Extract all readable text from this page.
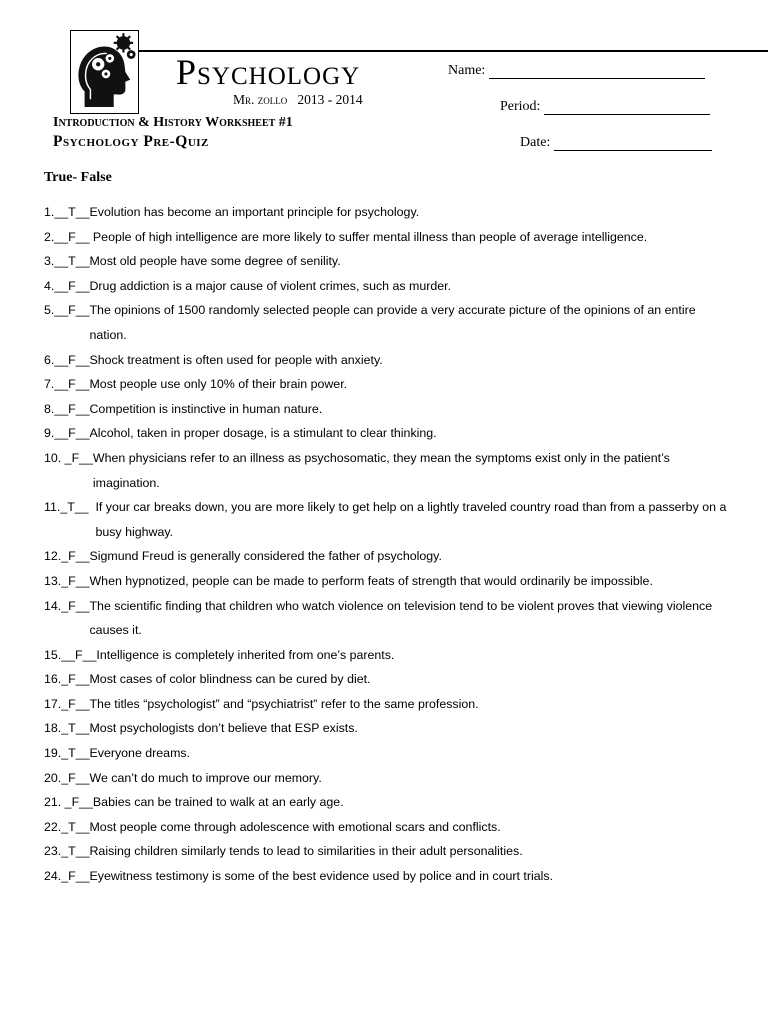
Psychology
Mr. zollo 2013 - 2014
Introduction & History Worksheet #1
Psychology Pre-Quiz
Name:
Period:
Date:
True- False
1. __T__ Evolution has become an important principle for psychology.
2. __F__ People of high intelligence are more likely to suffer mental illness than people of average intelligence.
3. __T__ Most old people have some degree of senility.
4. __F__ Drug addiction is a major cause of violent crimes, such as murder.
5. __F__ The opinions of 1500 randomly selected people can provide a very accurate picture of the opinions of an entire nation.
6. __F__ Shock treatment is often used for people with anxiety.
7. __F__ Most people use only 10% of their brain power.
8. __F__ Competition is instinctive in human nature.
9. __F__ Alcohol, taken in proper dosage, is a stimulant to clear thinking.
10. _F__ When physicians refer to an illness as psychosomatic, they mean the symptoms exist only in the patient’s imagination.
11. _T__ If your car breaks down, you are more likely to get help on a lightly traveled country road than from a passerby on a busy highway.
12. _F__ Sigmund Freud is generally considered the father of psychology.
13. _F__ When hypnotized, people can be made to perform feats of strength that would ordinarily be impossible.
14. _F__ The scientific finding that children who watch violence on television tend to be violent proves that viewing violence causes it.
15. __F__ Intelligence is completely inherited from one’s parents.
16. _F__ Most cases of color blindness can be cured by diet.
17. _F__ The titles “psychologist” and “psychiatrist” refer to the same profession.
18. _T__ Most psychologists don’t believe that ESP exists.
19. _T__ Everyone dreams.
20. _F__ We can’t do much to improve our memory.
21. _F__ Babies can be trained to walk at an early age.
22. _T__ Most people come through adolescence with emotional scars and conflicts.
23. _T__ Raising children similarly tends to lead to similarities in their adult personalities.
24. _F__ Eyewitness testimony is some of the best evidence used by police and in court trials.
